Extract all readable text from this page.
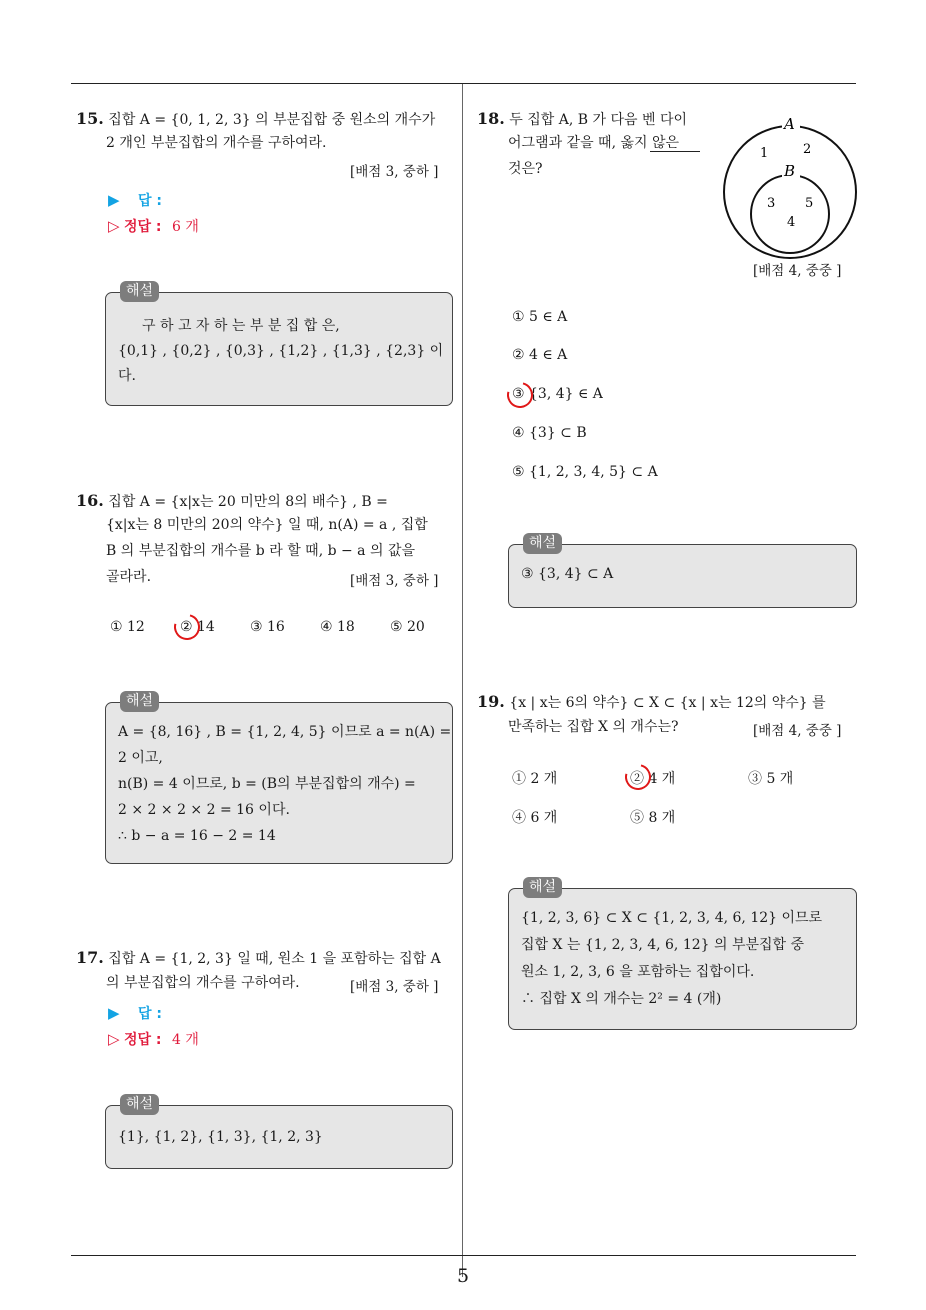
5
15. 집합 A = {0, 1, 2, 3} 의 부분집합 중 원소의 개수가
2 개인 부분집합의 개수를 구하여라.
[배점 3, 중하 ]
▶ 답 :
▷ 정답 : 6 개
해설
구 하 고 자 하 는 부 분 집 합 은,
{0,1} , {0,2} , {0,3} , {1,2} , {1,3} , {2,3} 이
다.
16. 집합 A = {x|x는 20 미만의 8의 배수} , B =
{x|x는 8 미만의 20의 약수} 일 때, n(A) = a , 집합
B 의 부분집합의 개수를 b 라 할 때, b − a 의 값을
골라라.	[배점 3, 중하 ]
① 12	② 14	③ 16	④ 18	⑤ 20
해설
A = {8, 16} , B = {1, 2, 4, 5} 이므로 a = n(A) =
2 이고,
n(B) = 4 이므로, b = (B의 부분집합의 개수) =
2 × 2 × 2 × 2 = 16 이다.
∴ b − a = 16 − 2 = 14
17. 집합 A = {1, 2, 3} 일 때, 원소 1 을 포함하는 집합 A
의 부분집합의 개수를 구하여라.	[배점 3, 중하 ]
▶ 답 :
▷ 정답 : 4 개
해설
{1}, {1, 2}, {1, 3}, {1, 2, 3}
18. 두 집합 A, B 가 다음 벤 다이
어그램과 같을 때, 옳지 않은
것은?
A
B
1	2
3 5
4
[배점 4, 중중 ]
① 5 ∈ A
② 4 ∈ A
③ {3, 4} ∈ A
④ {3} ⊂ B
⑤ {1, 2, 3, 4, 5} ⊂ A
해설
③ {3, 4} ⊂ A
19. {x | x는 6의 약수} ⊂ X ⊂ {x | x는 12의 약수} 를
만족하는 집합 X 의 개수는?	[배점 4, 중중 ]
① 2 개	② 4 개	③ 5 개
④ 6 개	⑤ 8 개
해설
{1, 2, 3, 6} ⊂ X ⊂ {1, 2, 3, 4, 6, 12} 이므로
집합 X 는 {1, 2, 3, 4, 6, 12} 의 부분집합 중
원소 1, 2, 3, 6 을 포함하는 집합이다.
∴ 집합 X 의 개수는 2² = 4 (개)
